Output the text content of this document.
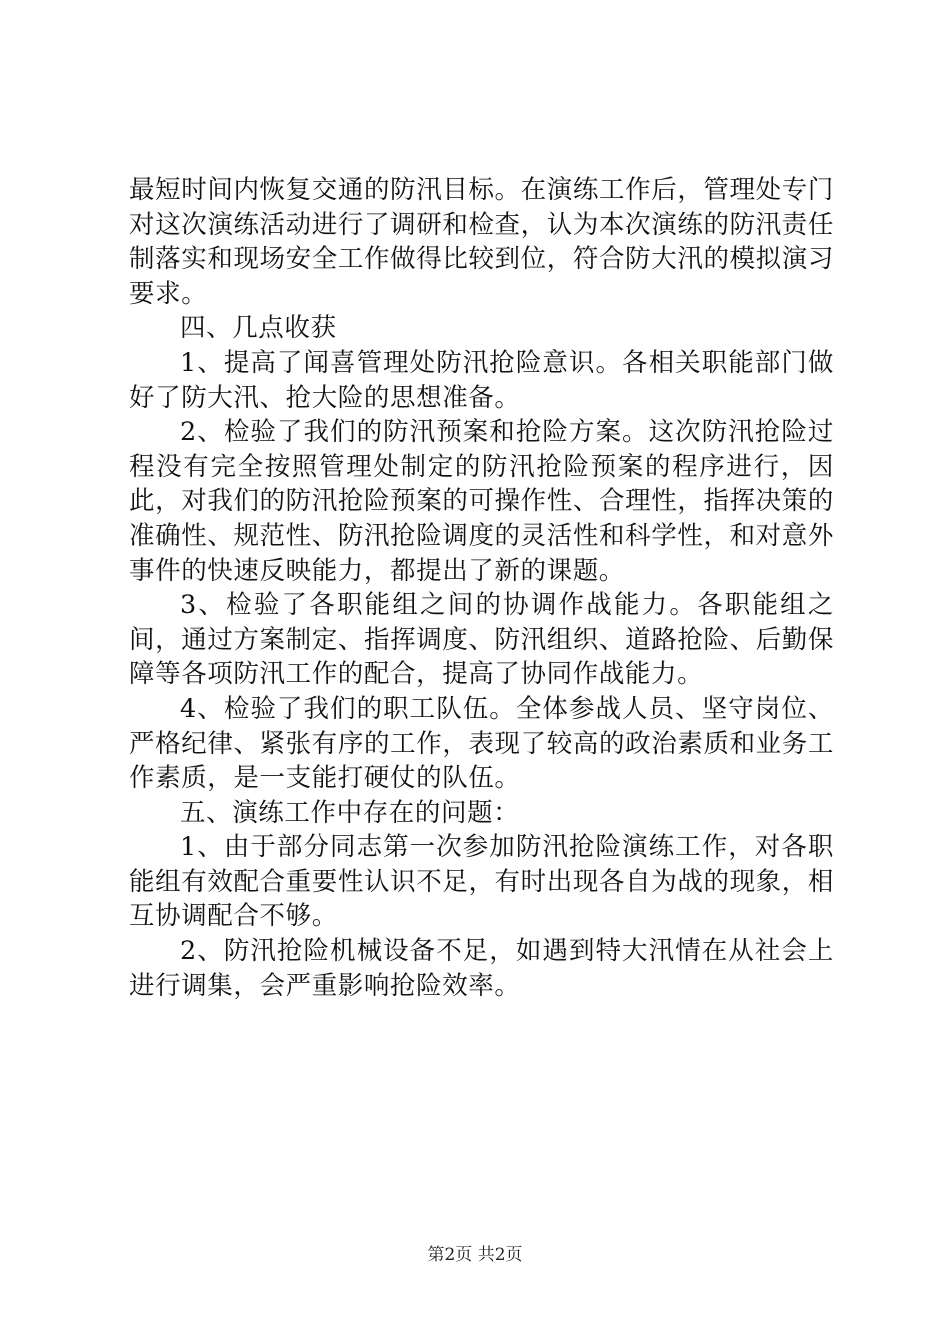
最短时间内恢复交通的防汛目标。在演练工作后，管理处专门对这次演练活动进行了调研和检查，认为本次演练的防汛责任制落实和现场安全工作做得比较到位，符合防大汛的模拟演习要求。

四、几点收获

1、提高了闻喜管理处防汛抢险意识。各相关职能部门做好了防大汛、抢大险的思想准备。

2、检验了我们的防汛预案和抢险方案。这次防汛抢险过程没有完全按照管理处制定的防汛抢险预案的程序进行，因此，对我们的防汛抢险预案的可操作性、合理性，指挥决策的准确性、规范性、防汛抢险调度的灵活性和科学性，和对意外事件的快速反映能力，都提出了新的课题。

3、检验了各职能组之间的协调作战能力。各职能组之间，通过方案制定、指挥调度、防汛组织、道路抢险、后勤保障等各项防汛工作的配合，提高了协同作战能力。

4、检验了我们的职工队伍。全体参战人员、坚守岗位、严格纪律、紧张有序的工作，表现了较高的政治素质和业务工作素质，是一支能打硬仗的队伍。

五、演练工作中存在的问题：

1、由于部分同志第一次参加防汛抢险演练工作，对各职能组有效配合重要性认识不足，有时出现各自为战的现象，相互协调配合不够。

2、防汛抢险机械设备不足，如遇到特大汛情在从社会上进行调集，会严重影响抢险效率。

第2页 共2页
